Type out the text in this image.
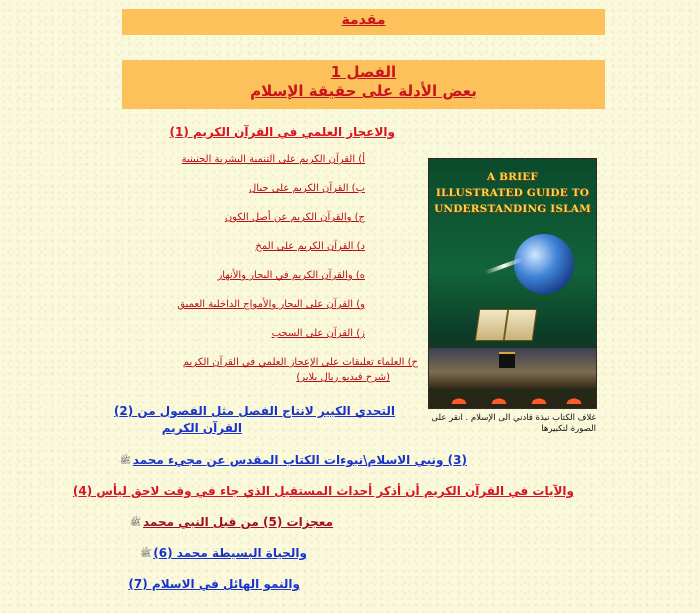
مقدمة
الفصل 1
بعض الأدلة على حقيقة الإسلام
والاعجاز العلمي في القرآن الكريم (1)
أ) القرآن الكريم على التنمية البشرية الجنينية
ب) القرآن الكريم على جبال
ج) والقرآن الكريم عن أصل الكون
د) القرآن الكريم على المخ
ه) والقرآن الكريم في البحار والأنهار
و) القرآن على البحار والأمواج الداخلية العميق
ز) القرآن على السحب
ح) العلماء تعليقات على الإعجاز العلمي في القرآن الكريم
(شرح فيديو ريال بلاير)
التحدي الكبير لانتاج الفصل مثل الفصول من (2)
القرآن الكريم
(3) ونبي الاسلام\نبوءات الكتاب المقدس عن مجيء محمدﷺ
والآيات في القرآن الكريم أن أذكر أحداث المستقبل الذي جاء في وقت لاحق ليأس (4)
معجزات (5) من قبل النبي محمدﷺ
والحياة البسيطة محمد (6)ﷺ
والنمو الهائل في الاسلام (7)
A BRIEF
ILLUSTRATED GUIDE TO
UNDERSTANDING ISLAM
غلاف الكتاب نبذة قادني الى الإسلام . انقر على الصورة لتكبيرها
